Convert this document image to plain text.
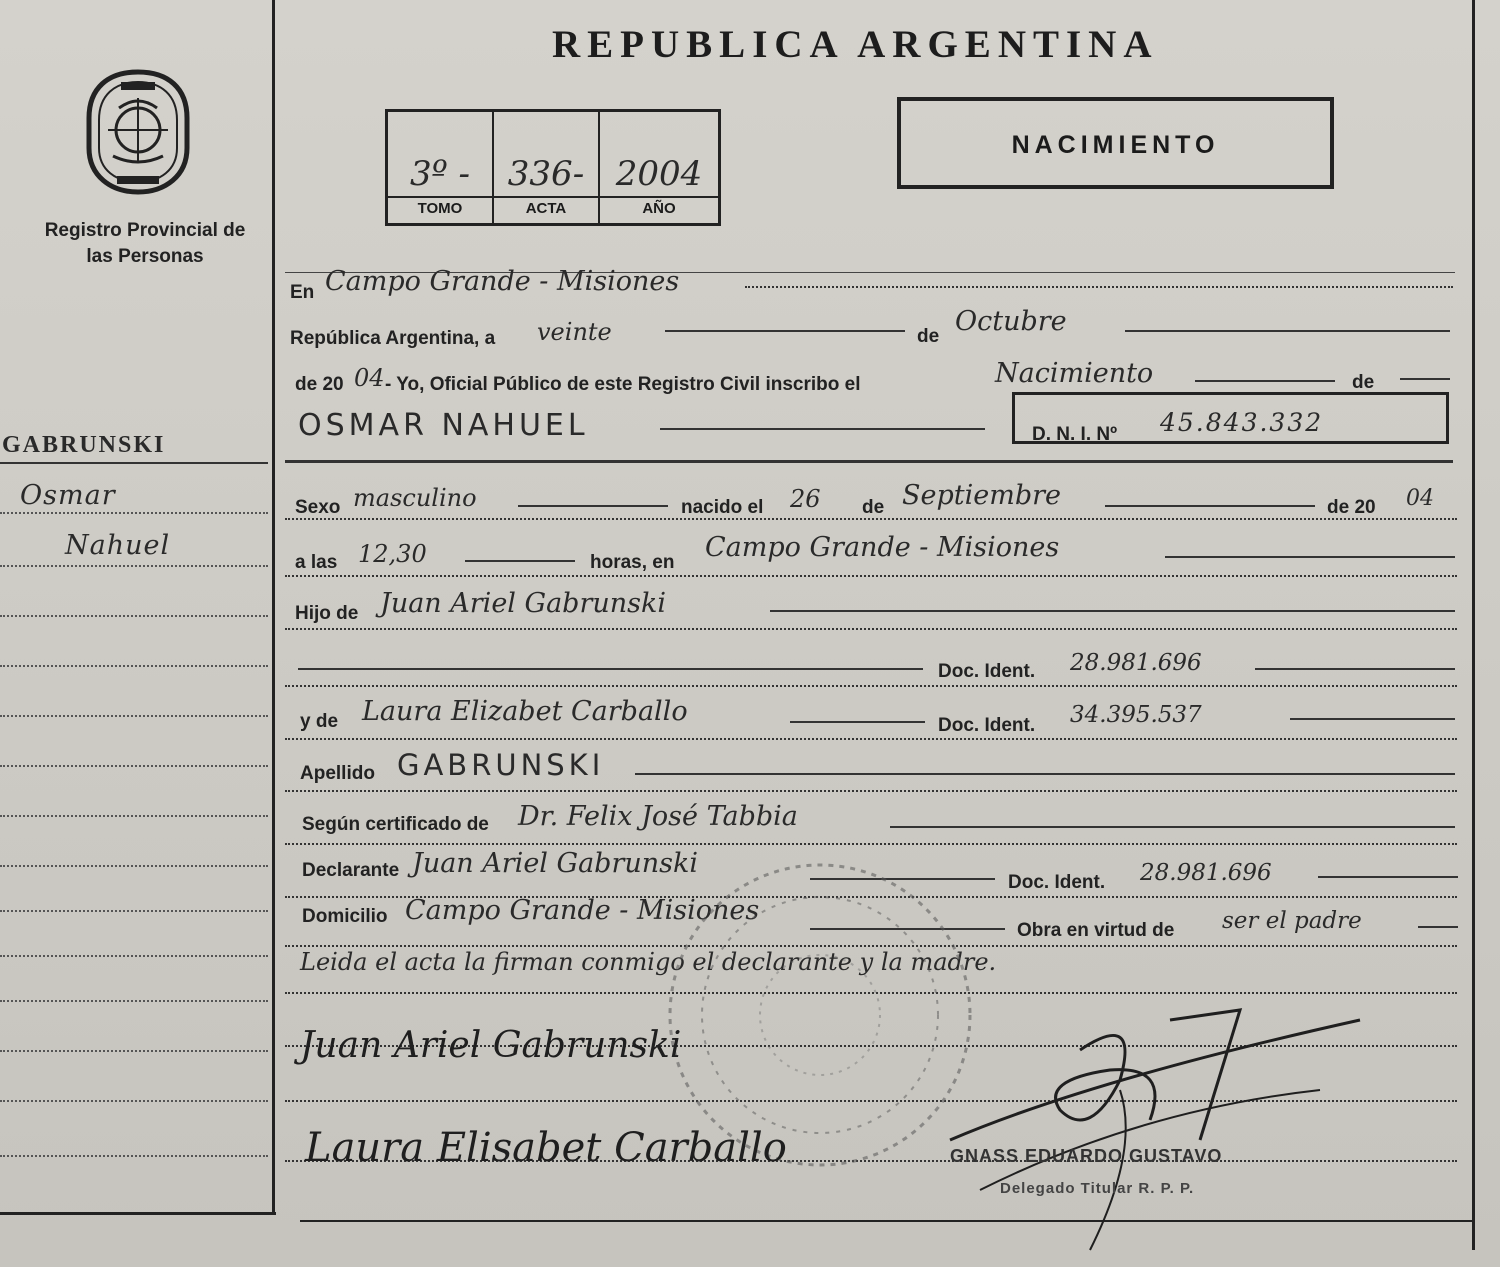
Registro Provincial de las Personas
GABRUNSKI
Osmar
Nahuel
REPUBLICA ARGENTINA
3º -
TOMO
336-
ACTA
2004
AÑO
NACIMIENTO
En Campo Grande - Misiones
República Argentina, a veinte	de Octubre
de 20 04 - Yo, Oficial Público de este Registro Civil inscribo el	Nacimiento	de
OSMAR NAHUEL	D. N. I. Nº 45.843.332
Sexo masculino	nacido el 26 de Septiembre	de 20 04
a las 12,30	horas, en Campo Grande - Misiones
Hijo de Juan Ariel Gabrunski
Doc. Ident. 28.981.696
y de Laura Elizabet Carballo	Doc. Ident. 34.395.537
Apellido GABRUNSKI
Según certificado de Dr. Felix José Tabbia
Declarante Juan Ariel Gabrunski
Doc. Ident. 28.981.696
Domicilio Campo Grande - Misiones
Obra en virtud de ser el padre
Leida el acta la firman conmigo el declarante y la madre.
Juan Ariel Gabrunski
Laura Elisabet Carballo	GNASS EDUARDO GUSTAVO
Delegado Titular R. P. P.
